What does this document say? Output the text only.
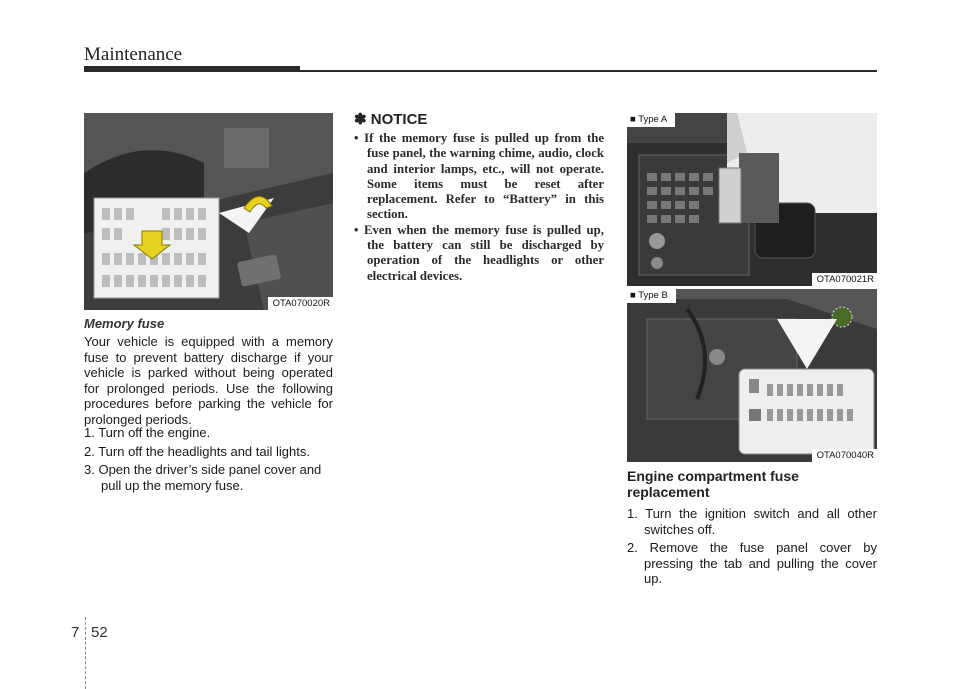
Maintenance
OTA070020R
Memory fuse

Your vehicle is equipped with a memory fuse to prevent battery discharge if your vehicle is parked without being operated for prolonged periods. Use the following procedures before parking the vehicle for prolonged periods.

1. Turn off the engine.
2. Turn off the headlights and tail lights.
3. Open the driver’s side panel cover and pull up the memory fuse.
✽ NOTICE
• If the memory fuse is pulled up from the fuse panel, the warning chime, audio, clock and interior lamps, etc., will not operate. Some items must be reset after replacement. Refer to “Battery” in this section.
• Even when the memory fuse is pulled up, the battery can still be discharged by operation of the headlights or other electrical devices.
■ Type A
OTA070021R
■ Type B
OTA070040R
Engine compartment fuse replacement
1. Turn the ignition switch and all other switches off.
2. Remove the fuse panel cover by pressing the tab and pulling the cover up.
7 52
